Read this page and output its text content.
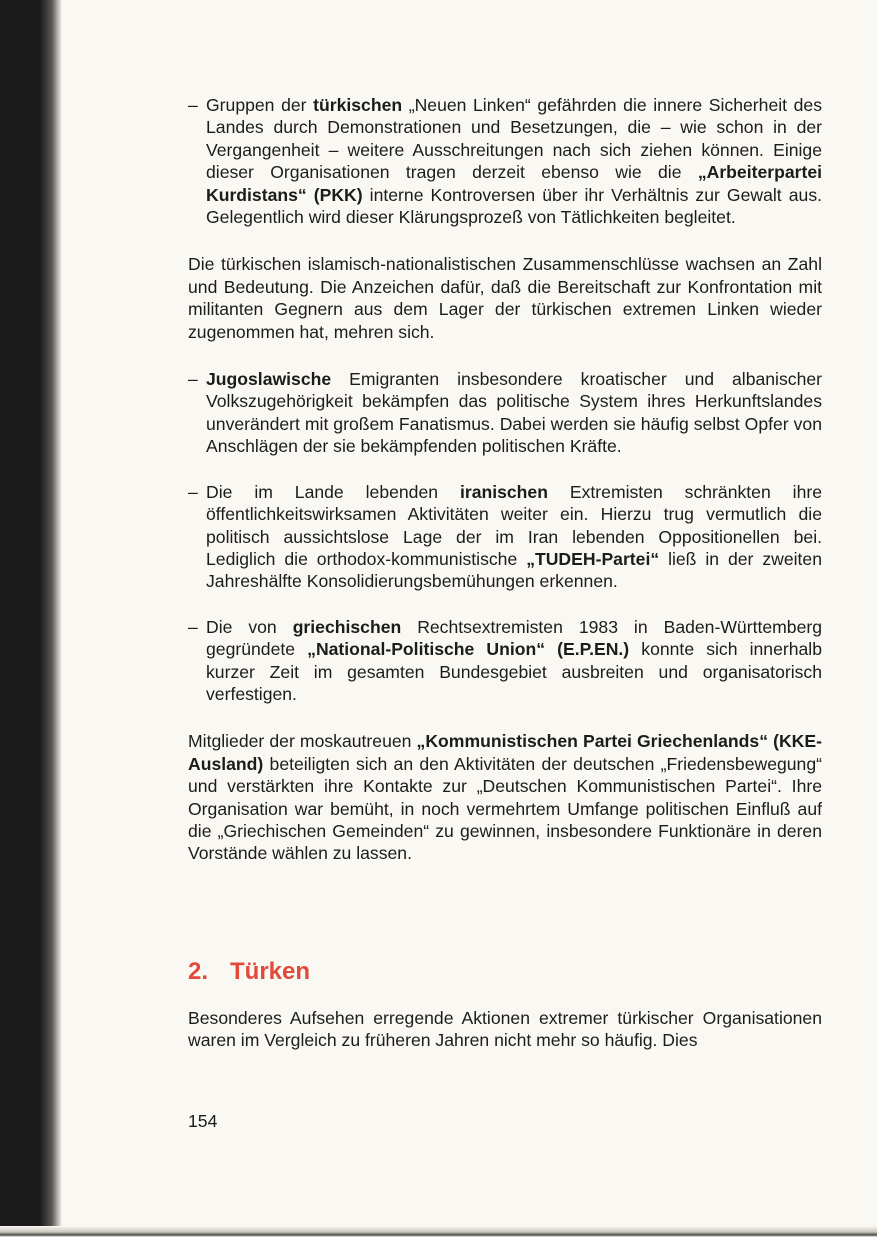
– Gruppen der türkischen „Neuen Linken“ gefährden die innere Sicherheit des Landes durch Demonstrationen und Besetzungen, die – wie schon in der Vergangenheit – weitere Ausschreitungen nach sich ziehen können. Einige dieser Organisationen tragen derzeit ebenso wie die „Arbeiterpartei Kurdistans“ (PKK) interne Kontroversen über ihr Verhältnis zur Gewalt aus. Gelegentlich wird dieser Klärungsprozeß von Tätlichkeiten begleitet.

Die türkischen islamisch-nationalistischen Zusammenschlüsse wachsen an Zahl und Bedeutung. Die Anzeichen dafür, daß die Bereitschaft zur Konfrontation mit militanten Gegnern aus dem Lager der türkischen extremen Linken wieder zugenommen hat, mehren sich.

– Jugoslawische Emigranten insbesondere kroatischer und albanischer Volkszugehörigkeit bekämpfen das politische System ihres Herkunftslandes unverändert mit großem Fanatismus. Dabei werden sie häufig selbst Opfer von Anschlägen der sie bekämpfenden politischen Kräfte.

– Die im Lande lebenden iranischen Extremisten schränkten ihre öffentlichkeitswirksamen Aktivitäten weiter ein. Hierzu trug vermutlich die politisch aussichtslose Lage der im Iran lebenden Oppositionellen bei. Lediglich die orthodox-kommunistische „TUDEH-Partei“ ließ in der zweiten Jahreshälfte Konsolidierungsbemühungen erkennen.

– Die von griechischen Rechtsextremisten 1983 in Baden-Württemberg gegründete „National-Politische Union“ (E.P.EN.) konnte sich innerhalb kurzer Zeit im gesamten Bundesgebiet ausbreiten und organisatorisch verfestigen.

Mitglieder der moskautreuen „Kommunistischen Partei Griechenlands“ (KKE-Ausland) beteiligten sich an den Aktivitäten der deutschen „Friedensbewegung“ und verstärkten ihre Kontakte zur „Deutschen Kommunistischen Partei“. Ihre Organisation war bemüht, in noch vermehrtem Umfange politischen Einfluß auf die „Griechischen Gemeinden“ zu gewinnen, insbesondere Funktionäre in deren Vorstände wählen zu lassen.

2. Türken

Besonderes Aufsehen erregende Aktionen extremer türkischer Organisationen waren im Vergleich zu früheren Jahren nicht mehr so häufig. Dies

154
